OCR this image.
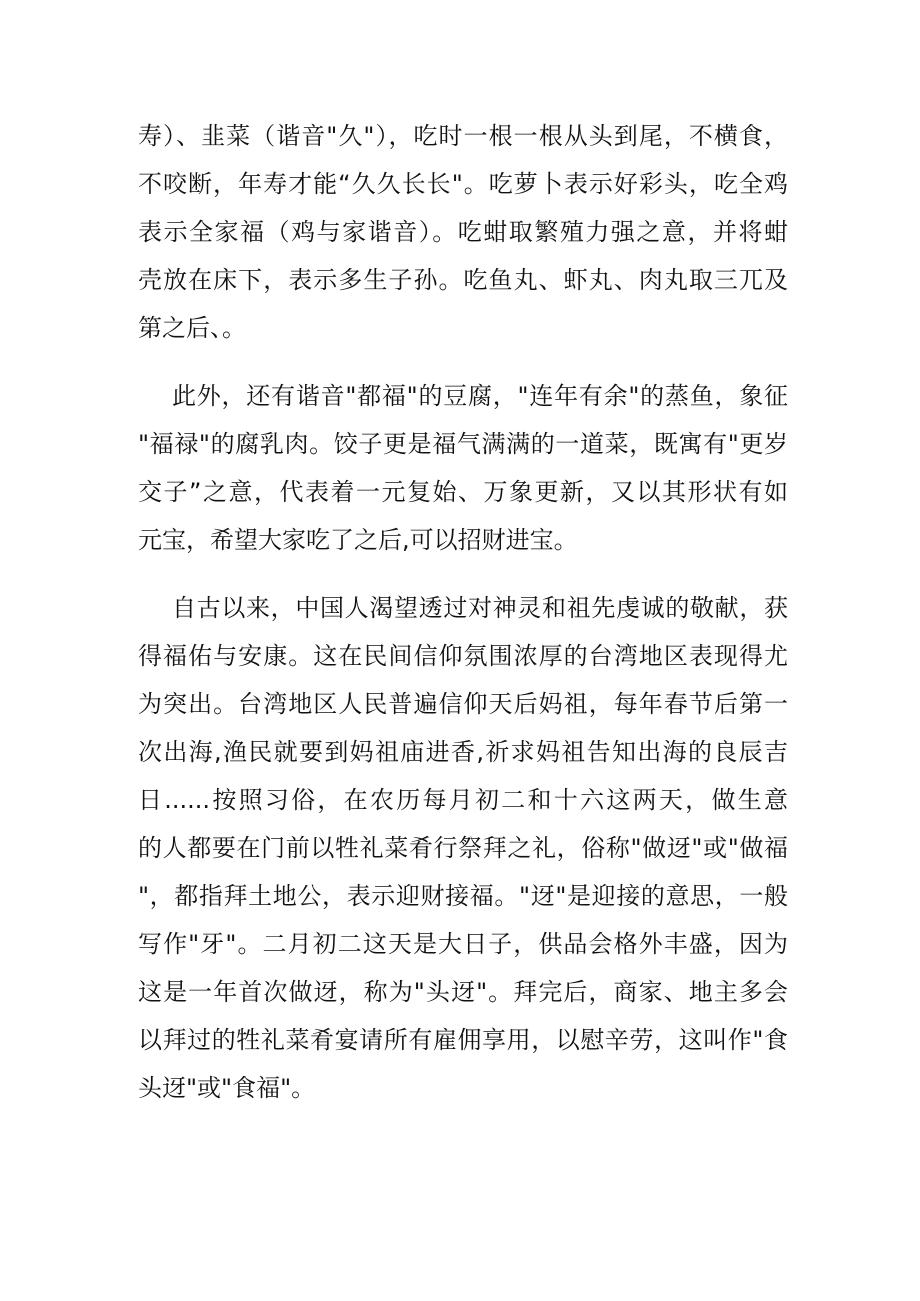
寿）、韭菜（谐音"久"），吃时一根一根从头到尾，不横食，
不咬断，年寿才能“久久长长"。吃萝卜表示好彩头，吃全鸡
表示全家福（鸡与家谐音）。吃蚶取繁殖力强之意，并将蚶
壳放在床下，表示多生子孙。吃鱼丸、虾丸、肉丸取三兀及
第之后、。
此外，还有谐音"都福"的豆腐，"连年有余"的蒸鱼，象征
"福禄"的腐乳肉。饺子更是福气满满的一道菜，既寓有"更岁
交子”之意，代表着一元复始、万象更新，又以其形状有如
元宝，希望大家吃了之后,可以招财进宝。
自古以来，中国人渴望透过对神灵和祖先虔诚的敬献，获
得福佑与安康。这在民间信仰氛围浓厚的台湾地区表现得尤
为突出。台湾地区人民普遍信仰天后妈祖，每年春节后第一
次出海,渔民就要到妈祖庙进香,祈求妈祖告知出海的良辰吉
日......按照习俗，在农历每月初二和十六这两天，做生意
的人都要在门前以牲礼菜肴行祭拜之礼，俗称"做迓"或"做福
"，都指拜土地公，表示迎财接福。"迓"是迎接的意思，一般
写作"牙"。二月初二这天是大日子，供品会格外丰盛，因为
这是一年首次做迓，称为"头迓"。拜完后，商家、地主多会
以拜过的牲礼菜肴宴请所有雇佣享用，以慰辛劳，这叫作"食
头迓"或"食福"。
